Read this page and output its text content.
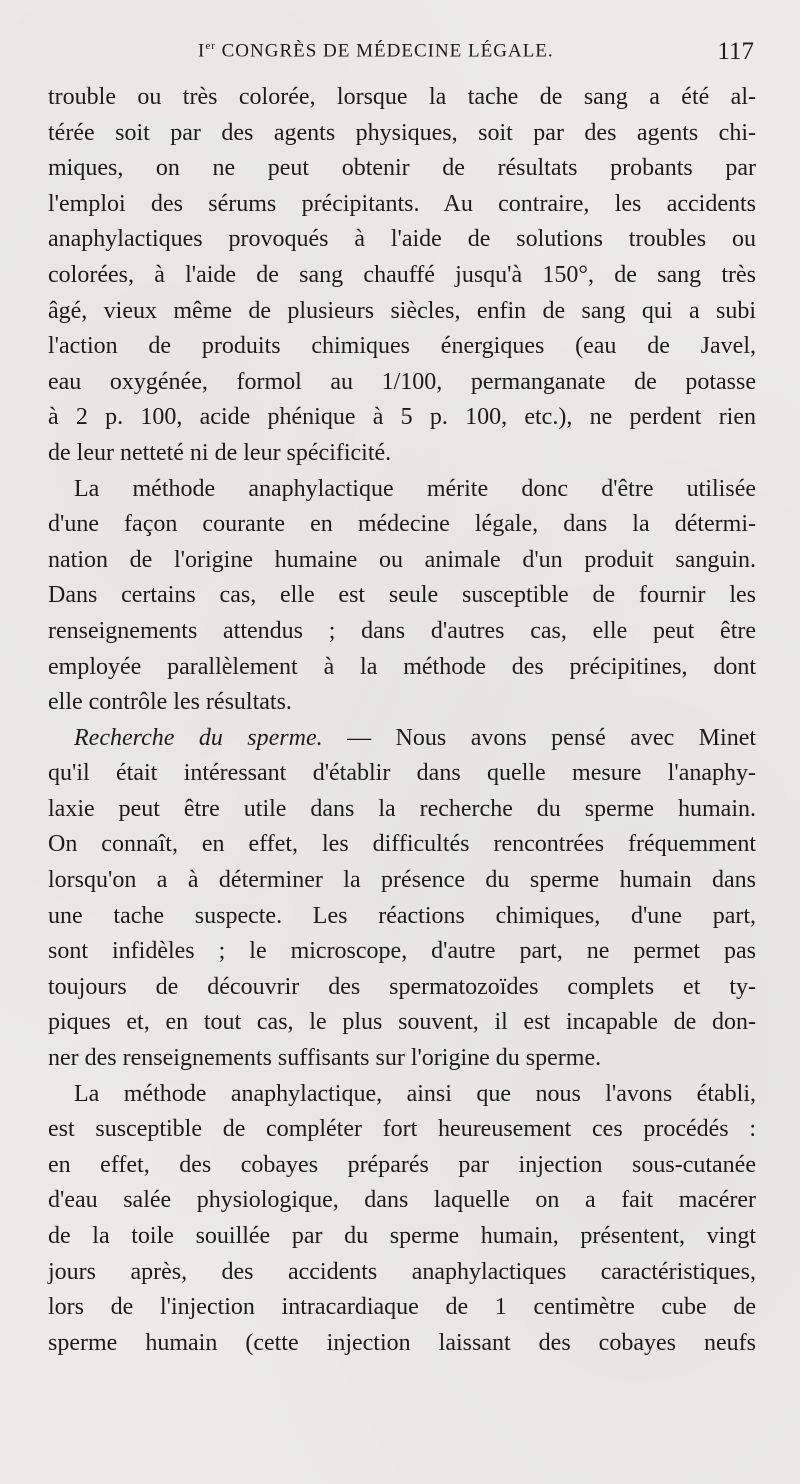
Ier CONGRÈS DE MÉDECINE LÉGALE.	117
trouble ou très colorée, lorsque la tache de sang a été al-
térée soit par des agents physiques, soit par des agents chi-
miques, on ne peut obtenir de résultats probants par
l'emploi des sérums précipitants. Au contraire, les accidents
anaphylactiques provoqués à l'aide de solutions troubles ou
colorées, à l'aide de sang chauffé jusqu'à 150°, de sang très
âgé, vieux même de plusieurs siècles, enfin de sang qui a subi
l'action de produits chimiques énergiques (eau de Javel,
eau oxygénée, formol au 1/100, permanganate de potasse
à 2 p. 100, acide phénique à 5 p. 100, etc.), ne perdent rien
de leur netteté ni de leur spécificité.
La méthode anaphylactique mérite donc d'être utilisée
d'une façon courante en médecine légale, dans la détermi-
nation de l'origine humaine ou animale d'un produit sanguin.
Dans certains cas, elle est seule susceptible de fournir les
renseignements attendus ; dans d'autres cas, elle peut être
employée parallèlement à la méthode des précipitines, dont
elle contrôle les résultats.
Recherche du sperme. — Nous avons pensé avec Minet
qu'il était intéressant d'établir dans quelle mesure l'anaphy-
laxie peut être utile dans la recherche du sperme humain.
On connaît, en effet, les difficultés rencontrées fréquemment
lorsqu'on a à déterminer la présence du sperme humain dans
une tache suspecte. Les réactions chimiques, d'une part,
sont infidèles ; le microscope, d'autre part, ne permet pas
toujours de découvrir des spermatozoïdes complets et ty-
piques et, en tout cas, le plus souvent, il est incapable de don-
ner des renseignements suffisants sur l'origine du sperme.
La méthode anaphylactique, ainsi que nous l'avons établi,
est susceptible de compléter fort heureusement ces procédés :
en effet, des cobayes préparés par injection sous-cutanée
d'eau salée physiologique, dans laquelle on a fait macérer
de la toile souillée par du sperme humain, présentent, vingt
jours après, des accidents anaphylactiques caractéristiques,
lors de l'injection intracardiaque de 1 centimètre cube de
sperme humain (cette injection laissant des cobayes neufs
